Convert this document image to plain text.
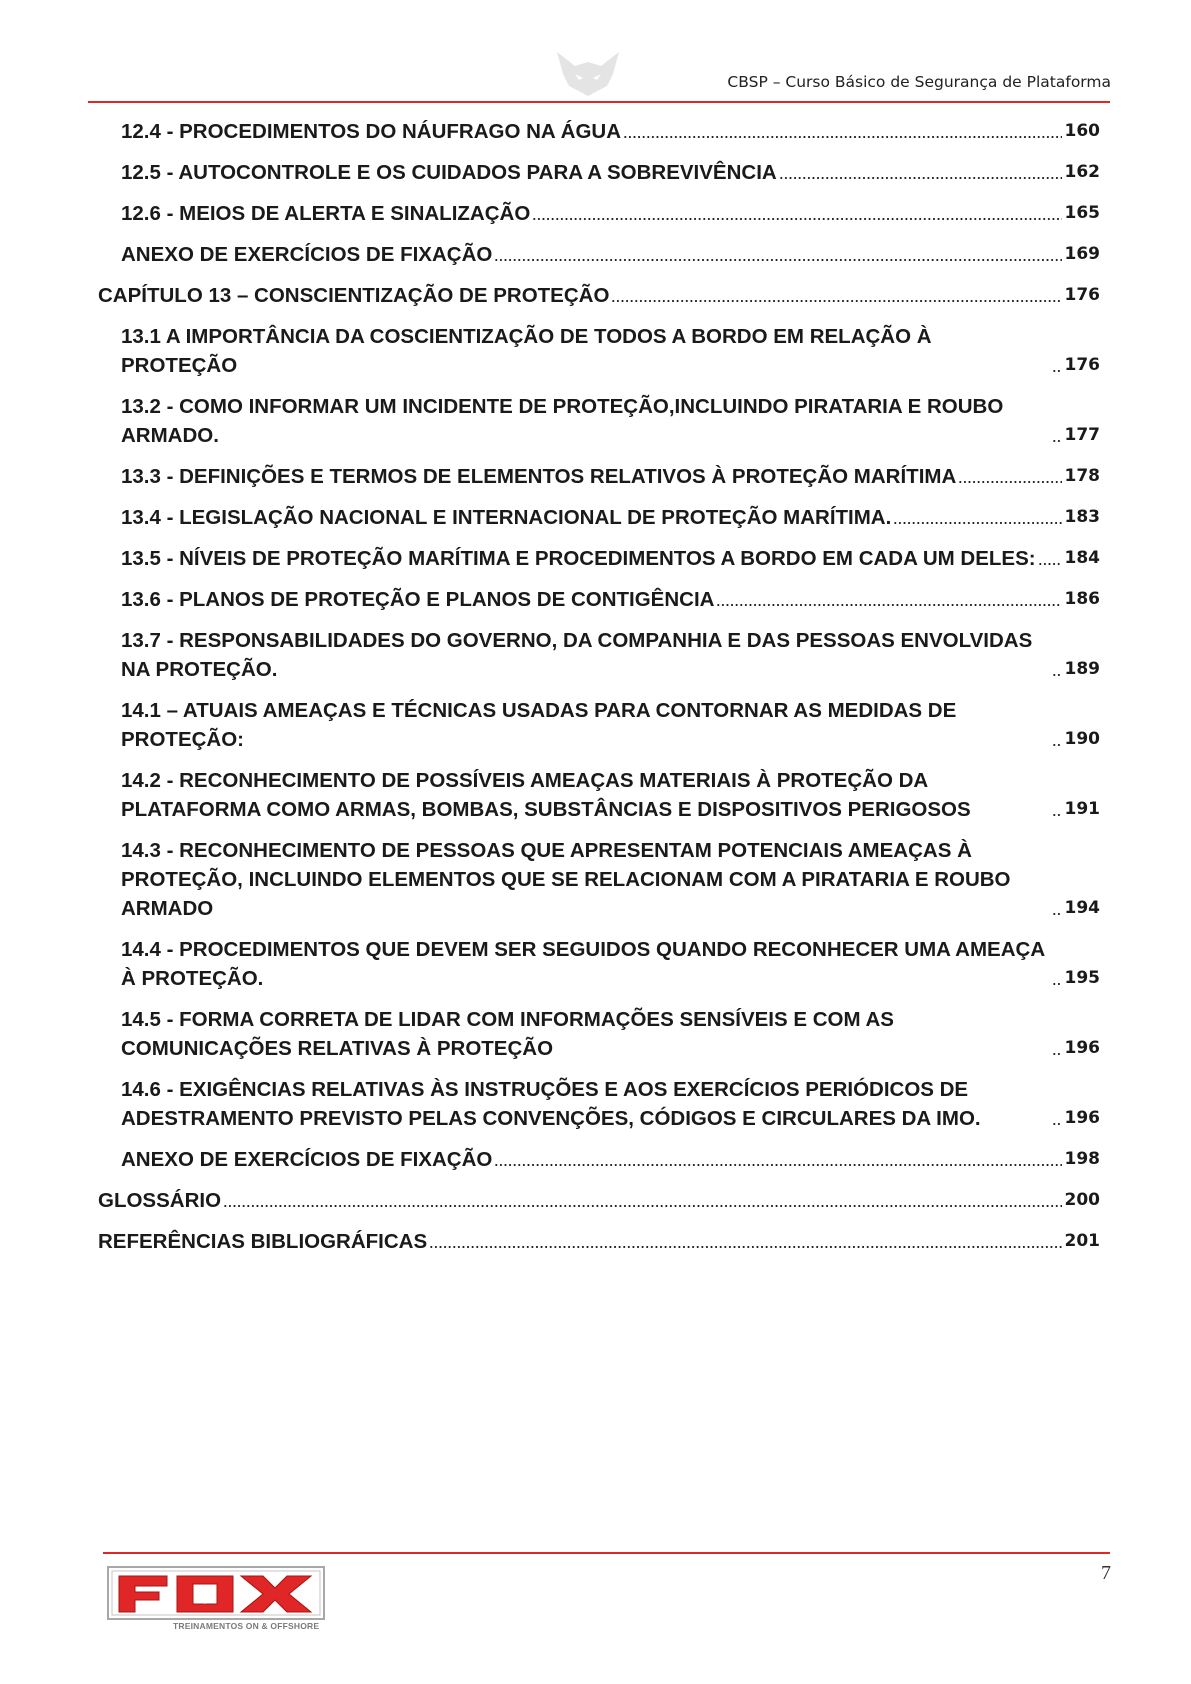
CBSP – Curso Básico de Segurança de Plataforma
12.4 - PROCEDIMENTOS DO NÁUFRAGO NA ÁGUA	160
12.5 - AUTOCONTROLE E OS CUIDADOS PARA A SOBREVIVÊNCIA	162
12.6 - MEIOS DE ALERTA E SINALIZAÇÃO	165
ANEXO DE EXERCÍCIOS DE FIXAÇÃO	169
CAPÍTULO 13 – CONSCIENTIZAÇÃO DE PROTEÇÃO	176
13.1 A IMPORTÂNCIA DA COSCIENTIZAÇÃO DE TODOS A BORDO EM RELAÇÃO À PROTEÇÃO	176
13.2 - COMO INFORMAR UM INCIDENTE DE PROTEÇÃO,INCLUINDO PIRATARIA E ROUBO ARMADO.	177
13.3 - DEFINIÇÕES E TERMOS DE ELEMENTOS RELATIVOS À PROTEÇÃO MARÍTIMA	178
13.4 - LEGISLAÇÃO NACIONAL E INTERNACIONAL DE PROTEÇÃO MARÍTIMA.	183
13.5 - NÍVEIS DE PROTEÇÃO MARÍTIMA E PROCEDIMENTOS A BORDO EM CADA UM DELES: 184
13.6 - PLANOS DE PROTEÇÃO E PLANOS DE CONTIGÊNCIA	186
13.7 - RESPONSABILIDADES DO GOVERNO, DA COMPANHIA E DAS PESSOAS ENVOLVIDAS NA PROTEÇÃO.	189
14.1 – ATUAIS AMEAÇAS E TÉCNICAS USADAS PARA CONTORNAR AS MEDIDAS DE PROTEÇÃO:	190
14.2 - RECONHECIMENTO DE POSSÍVEIS AMEAÇAS MATERIAIS À PROTEÇÃO DA PLATAFORMA COMO ARMAS, BOMBAS, SUBSTÂNCIAS E DISPOSITIVOS PERIGOSOS	191
14.3 - RECONHECIMENTO DE PESSOAS QUE APRESENTAM POTENCIAIS AMEAÇAS À PROTEÇÃO, INCLUINDO ELEMENTOS QUE SE RELACIONAM COM A PIRATARIA E ROUBO ARMADO	194
14.4 - PROCEDIMENTOS QUE DEVEM SER SEGUIDOS QUANDO RECONHECER UMA AMEAÇA À PROTEÇÃO.	195
14.5 - FORMA CORRETA DE LIDAR COM INFORMAÇÕES SENSÍVEIS E COM AS COMUNICAÇÕES RELATIVAS À PROTEÇÃO	196
14.6 - EXIGÊNCIAS RELATIVAS ÀS INSTRUÇÕES E AOS EXERCÍCIOS PERIÓDICOS DE ADESTRAMENTO PREVISTO PELAS CONVENÇÕES, CÓDIGOS E CIRCULARES DA IMO.	196
ANEXO DE EXERCÍCIOS DE FIXAÇÃO	198
GLOSSÁRIO	200
REFERÊNCIAS BIBLIOGRÁFICAS	201
7
TREINAMENTOS ON & OFFSHORE
